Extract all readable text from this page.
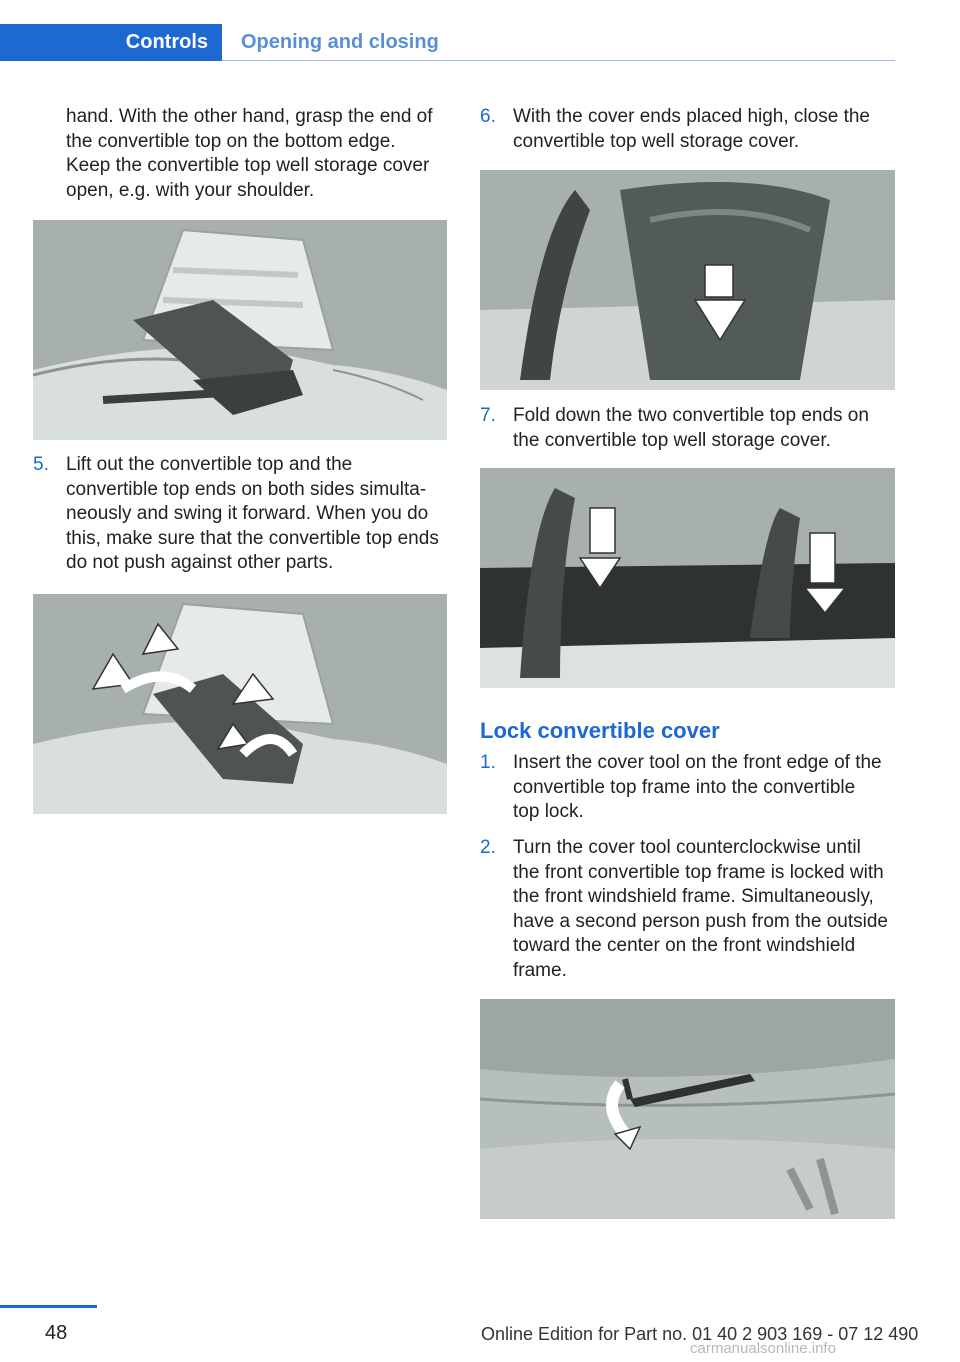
Controls	Opening and closing
hand. With the other hand, grasp the end of
the convertible top on the bottom edge.
Keep the convertible top well storage cover
open, e.g. with your shoulder.
5. Lift out the convertible top and the
convertible top ends on both sides simulta‐
neously and swing it forward. When you do
this, make sure that the convertible top ends
do not push against other parts.
6. With the cover ends placed high, close the
convertible top well storage cover.
7. Fold down the two convertible top ends on
the convertible top well storage cover.
Lock convertible cover
1. Insert the cover tool on the front edge of the
convertible top frame into the convertible
top lock.
2. Turn the cover tool counterclockwise until
the front convertible top frame is locked with
the front windshield frame. Simultaneously,
have a second person push from the outside
toward the center on the front windshield
frame.
48	Online Edition for Part no. 01 40 2 903 169 - 07 12 490
carmanualsonline.info
